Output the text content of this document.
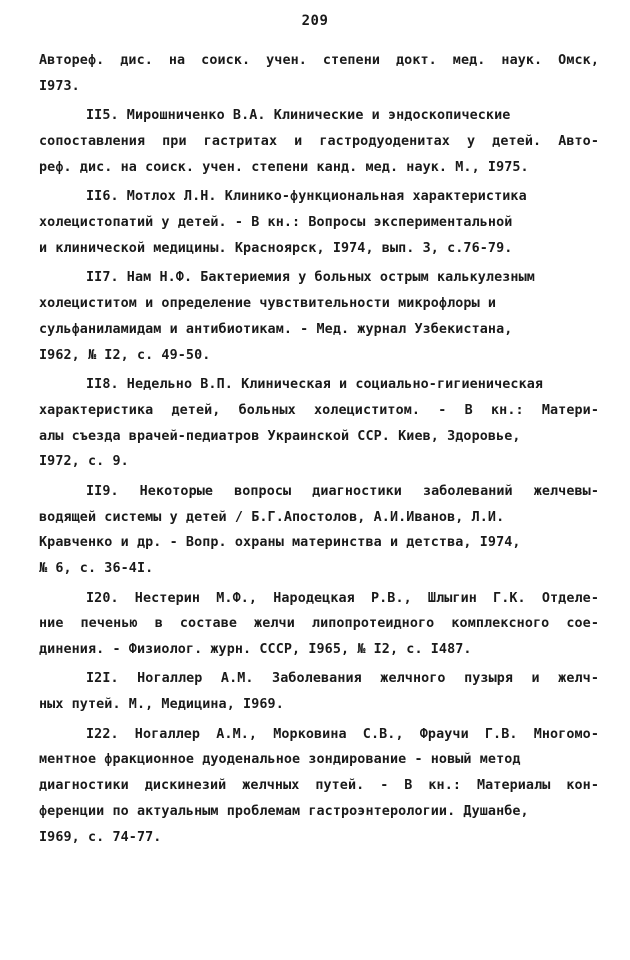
209
Автореф. дис. на соиск. учен. степени докт. мед. наук. Омск,
I973.
II5. Мирошниченко В.А. Клинические и эндоскопические
сопоставления при гастритах и гастродуоденитах у детей. Авто-
реф. дис. на соиск. учен. степени канд. мед. наук. М., I975.
II6. Мотлох Л.Н. Клинико-функциональная характеристика
холецистопатий у детей. - В кн.: Вопросы экспериментальной
и клинической медицины. Красноярск, I974, вып. 3, с.76-79.
II7. Нам Н.Ф. Бактериемия у больных острым калькулезным
холециститом и определение чувствительности микрофлоры и
сульфаниламидам и антибиотикам. - Мед. журнал Узбекистана,
I962, № I2, с. 49-50.
II8. Недельно В.П. Клиническая и социально-гигиеническая
характеристика детей, больных холециститом. - В кн.: Матери-
алы съезда врачей-педиатров Украинской ССР. Киев, Здоровье,
I972, с. 9.
II9. Некоторые вопросы диагностики заболеваний желчевы-
водящей системы у детей / Б.Г.Апостолов, А.И.Иванов, Л.И.
Кравченко и др. - Вопр. охраны материнства и детства, I974,
№ 6, с. 36-4I.
I20. Нестерин М.Ф., Народецкая Р.В., Шлыгин Г.К. Отделе-
ние печенью в составе желчи липопротеидного комплексного сое-
динения. - Физиолог. журн. СССР, I965, № I2, с. I487.
I2I. Ногаллер А.М. Заболевания желчного пузыря и желч-
ных путей. М., Медицина, I969.
I22. Ногаллер А.М., Морковина С.В., Фраучи Г.В. Многомо-
ментное фракционное дуоденальное зондирование - новый метод
диагностики дискинезий желчных путей. - В кн.: Материалы кон-
ференции по актуальным проблемам гастроэнтерологии. Душанбе,
I969, с. 74-77.
